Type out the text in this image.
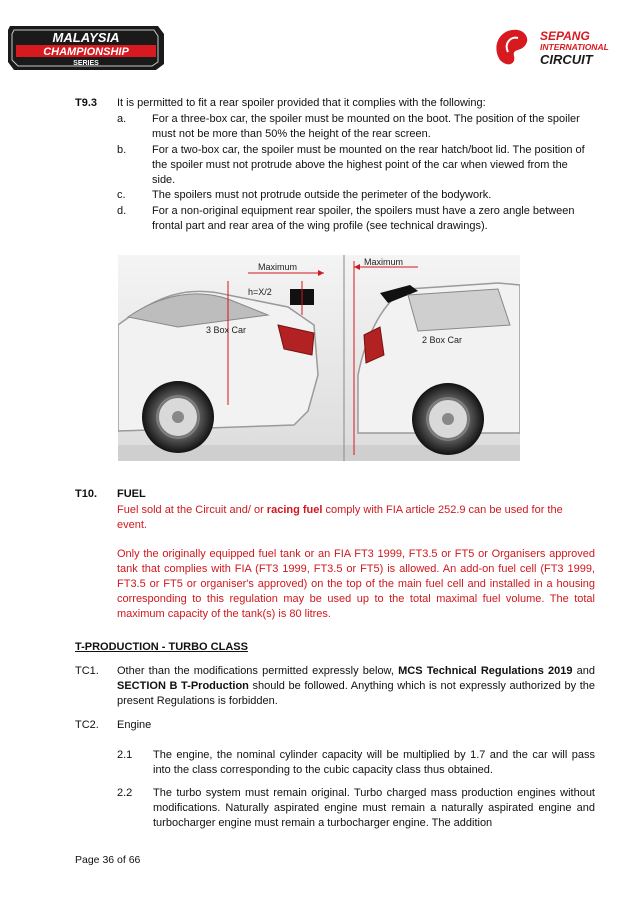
MALAYSIA
CHAMPIONSHIP
SERIES
SEPANG
INTERNATIONAL
CIRCUIT
T9.3 It is permitted to fit a rear spoiler provided that it complies with the following:
a. For a three-box car, the spoiler must be mounted on the boot. The position of the spoiler must not be more than 50% the height of the rear screen.
b. For a two-box car, the spoiler must be mounted on the rear hatch/boot lid. The position of the spoiler must not protrude above the highest point of the car when viewed from the side.
c. The spoilers must not protrude outside the perimeter of the bodywork.
d. For a non-original equipment rear spoiler, the spoilers must have a zero angle between frontal part and rear area of the wing profile (see technical drawings).
Maximum
h=X/2
3 Box Car
Maximum
2 Box Car
T10. FUEL
Fuel sold at the Circuit and/ or racing fuel comply with FIA article 252.9 can be used for the event.
Only the originally equipped fuel tank or an FIA FT3 1999, FT3.5 or FT5 or Organisers approved tank that complies with FIA (FT3 1999, FT3.5 or FT5) is allowed. An add-on fuel cell (FT3 1999, FT3.5 or FT5 or organiser's approved) on the top of the main fuel cell and installed in a housing corresponding to this regulation may be used up to the total maximal fuel volume. The total maximum capacity of the tank(s) is 80 litres.
T-PRODUCTION - TURBO CLASS
TC1. Other than the modifications permitted expressly below, MCS Technical Regulations 2019 and SECTION B T-Production should be followed. Anything which is not expressly authorized by the present Regulations is forbidden.
TC2. Engine
2.1 The engine, the nominal cylinder capacity will be multiplied by 1.7 and the car will pass into the class corresponding to the cubic capacity class thus obtained.
2.2 The turbo system must remain original. Turbo charged mass production engines without modifications. Naturally aspirated engine must remain a naturally aspirated engine and turbocharger engine must remain a turbocharger engine. The addition
Page 36 of 66
